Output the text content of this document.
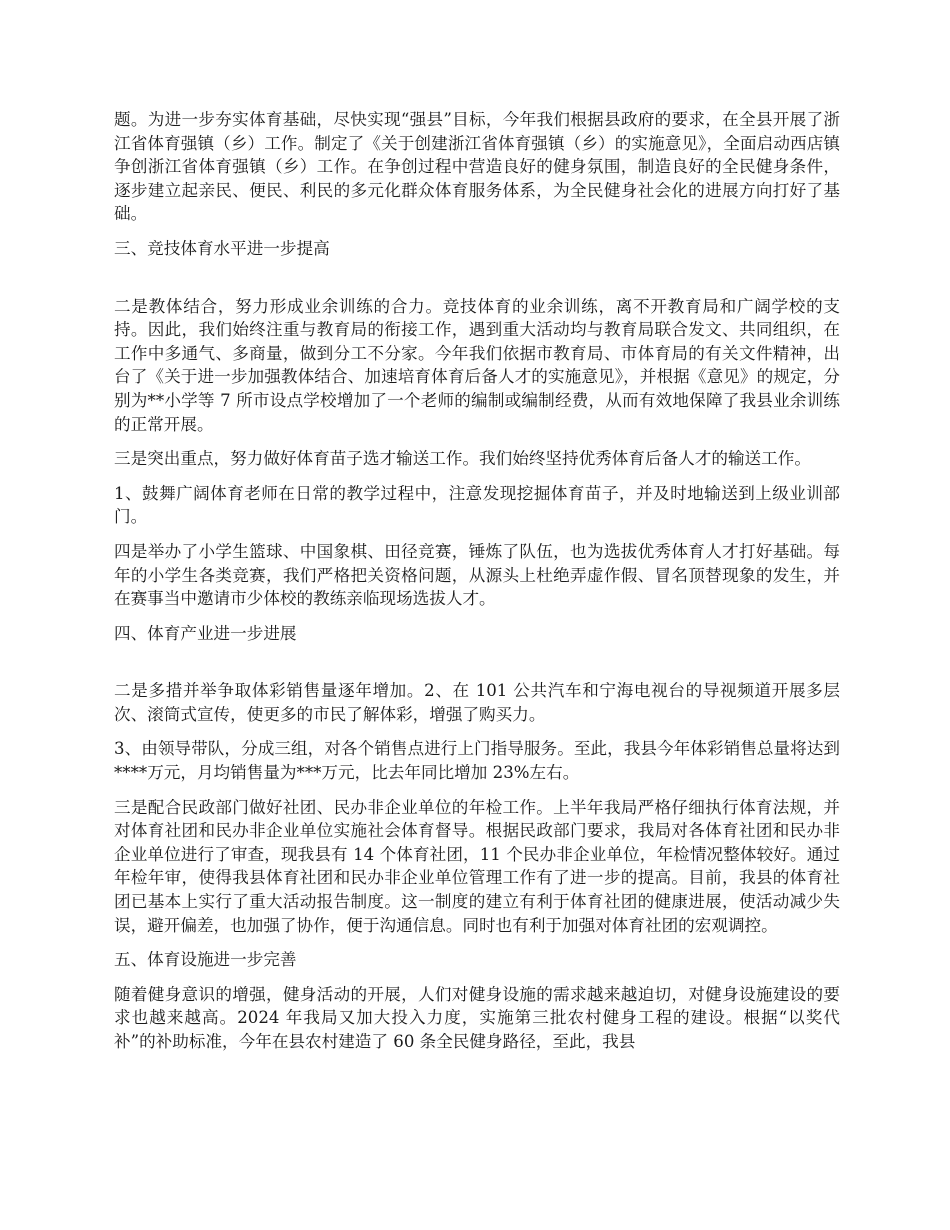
题。为进一步夯实体育基础，尽快实现“强县”目标，今年我们根据县政府的要求，在全县开展了浙江省体育强镇（乡）工作。制定了《关于创建浙江省体育强镇（乡）的实施意见》，全面启动西店镇争创浙江省体育强镇（乡）工作。在争创过程中营造良好的健身氛围，制造良好的全民健身条件，逐步建立起亲民、便民、利民的多元化群众体育服务体系，为全民健身社会化的进展方向打好了基础。

三、竞技体育水平进一步提高

二是教体结合，努力形成业余训练的合力。竞技体育的业余训练，离不开教育局和广阔学校的支持。因此，我们始终注重与教育局的衔接工作，遇到重大活动均与教育局联合发文、共同组织，在工作中多通气、多商量，做到分工不分家。今年我们依据市教育局、市体育局的有关文件精神，出台了《关于进一步加强教体结合、加速培育体育后备人才的实施意见》，并根据《意见》的规定，分别为**小学等 7 所市设点学校增加了一个老师的编制或编制经费，从而有效地保障了我县业余训练的正常开展。

三是突出重点，努力做好体育苗子选才输送工作。我们始终坚持优秀体育后备人才的输送工作。

1、鼓舞广阔体育老师在日常的教学过程中，注意发现挖掘体育苗子，并及时地输送到上级业训部门。

四是举办了小学生篮球、中国象棋、田径竞赛，锤炼了队伍，也为选拔优秀体育人才打好基础。每年的小学生各类竞赛，我们严格把关资格问题，从源头上杜绝弄虚作假、冒名顶替现象的发生，并在赛事当中邀请市少体校的教练亲临现场选拔人才。

四、体育产业进一步进展

二是多措并举争取体彩销售量逐年增加。2、在 101 公共汽车和宁海电视台的导视频道开展多层次、滚筒式宣传，使更多的市民了解体彩，增强了购买力。

3、由领导带队，分成三组，对各个销售点进行上门指导服务。至此，我县今年体彩销售总量将达到****万元，月均销售量为***万元，比去年同比增加 23%左右。

三是配合民政部门做好社团、民办非企业单位的年检工作。上半年我局严格仔细执行体育法规，并对体育社团和民办非企业单位实施社会体育督导。根据民政部门要求，我局对各体育社团和民办非企业单位进行了审查，现我县有 14 个体育社团，11 个民办非企业单位，年检情况整体较好。通过年检年审，使得我县体育社团和民办非企业单位管理工作有了进一步的提高。目前，我县的体育社团已基本上实行了重大活动报告制度。这一制度的建立有利于体育社团的健康进展，使活动减少失误，避开偏差，也加强了协作，便于沟通信息。同时也有利于加强对体育社团的宏观调控。

五、体育设施进一步完善

随着健身意识的增强，健身活动的开展，人们对健身设施的需求越来越迫切，对健身设施建设的要求也越来越高。2024 年我局又加大投入力度，实施第三批农村健身工程的建设。根据“以奖代补”的补助标准，今年在县农村建造了 60 条全民健身路径，至此，我县
